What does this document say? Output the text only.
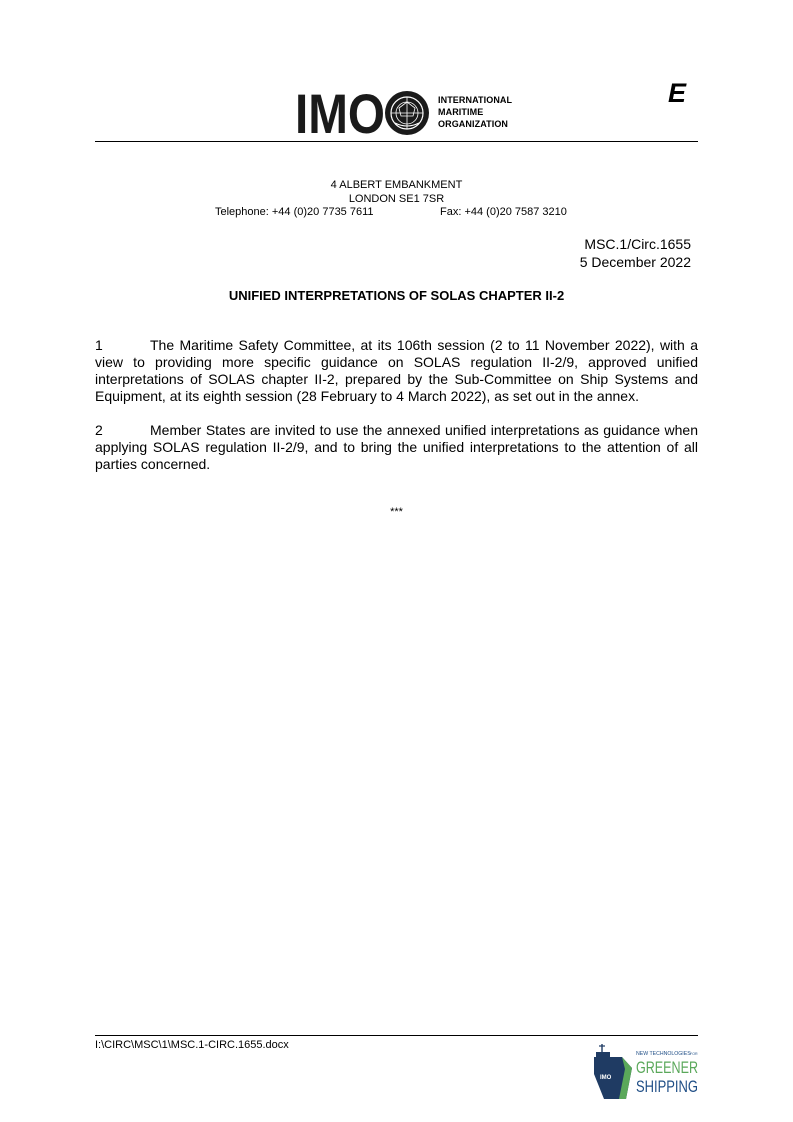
IMO	INTERNATIONAL
MARITIME
ORGANIZATION
E
4 ALBERT EMBANKMENT
LONDON SE1 7SR
Telephone: +44 (0)20 7735 7611	Fax: +44 (0)20 7587 3210
MSC.1/Circ.1655
5 December 2022
UNIFIED INTERPRETATIONS OF SOLAS CHAPTER II-2
1	The Maritime Safety Committee, at its 106th session (2 to 11 November 2022), with a view to providing more specific guidance on SOLAS regulation II-2/9, approved unified interpretations of SOLAS chapter II-2, prepared by the Sub-Committee on Ship Systems and Equipment, at its eighth session (28 February to 4 March 2022), as set out in the annex.
2	Member States are invited to use the annexed unified interpretations as guidance when applying SOLAS regulation II-2/9, and to bring the unified interpretations to the attention of all parties concerned.
***
I:\CIRC\MSC\1\MSC.1-CIRC.1655.docx
IMO
NEW TECHNOLOGIES FOR
GREENER
SHIPPING
